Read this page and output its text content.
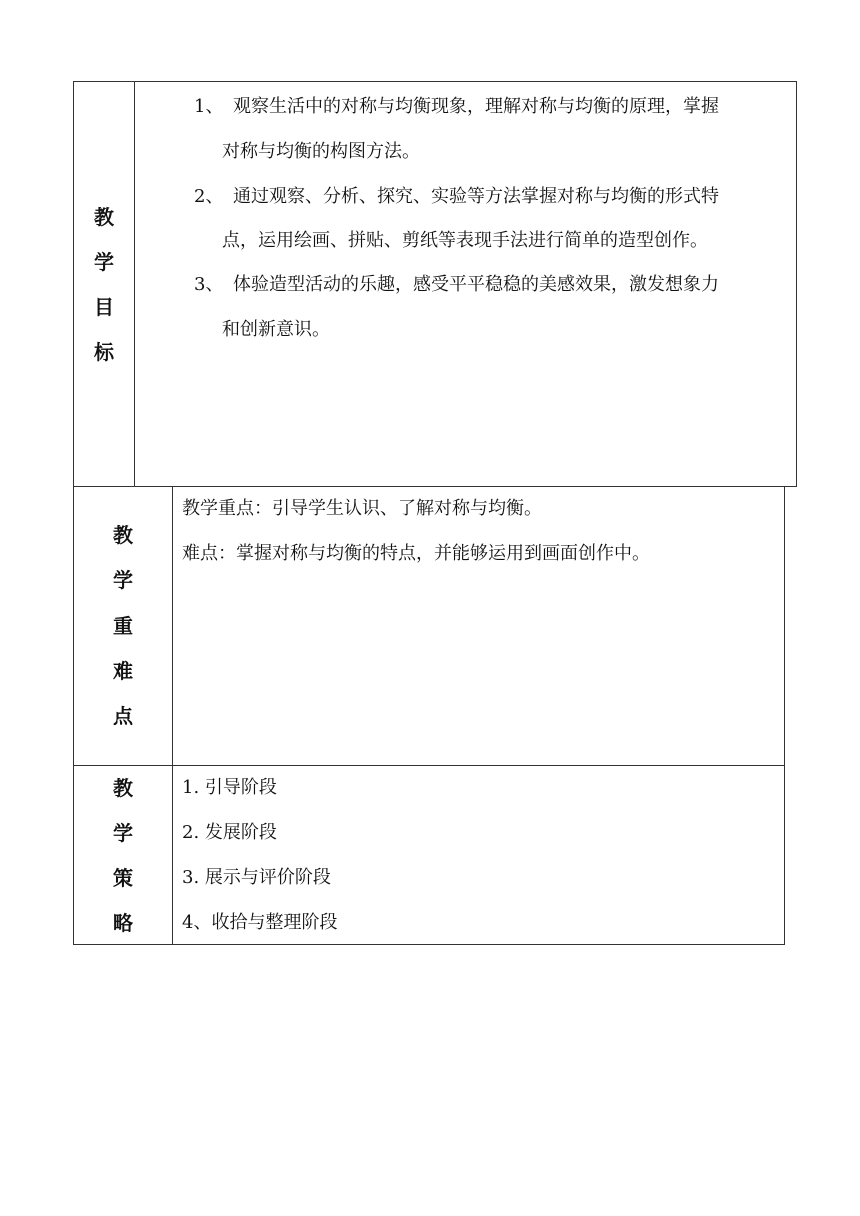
教
学
目
标
1、 观察生活中的对称与均衡现象，理解对称与均衡的原理，掌握
对称与均衡的构图方法。
2、 通过观察、分析、探究、实验等方法掌握对称与均衡的形式特
点，运用绘画、拼贴、剪纸等表现手法进行简单的造型创作。
3、 体验造型活动的乐趣，感受平平稳稳的美感效果，激发想象力
和创新意识。
教
学
重
难
点
教学重点：引导学生认识、了解对称与均衡。
难点：掌握对称与均衡的特点，并能够运用到画面创作中。
教
学
策
略
1. 引导阶段
2. 发展阶段
3. 展示与评价阶段
4、收拾与整理阶段
